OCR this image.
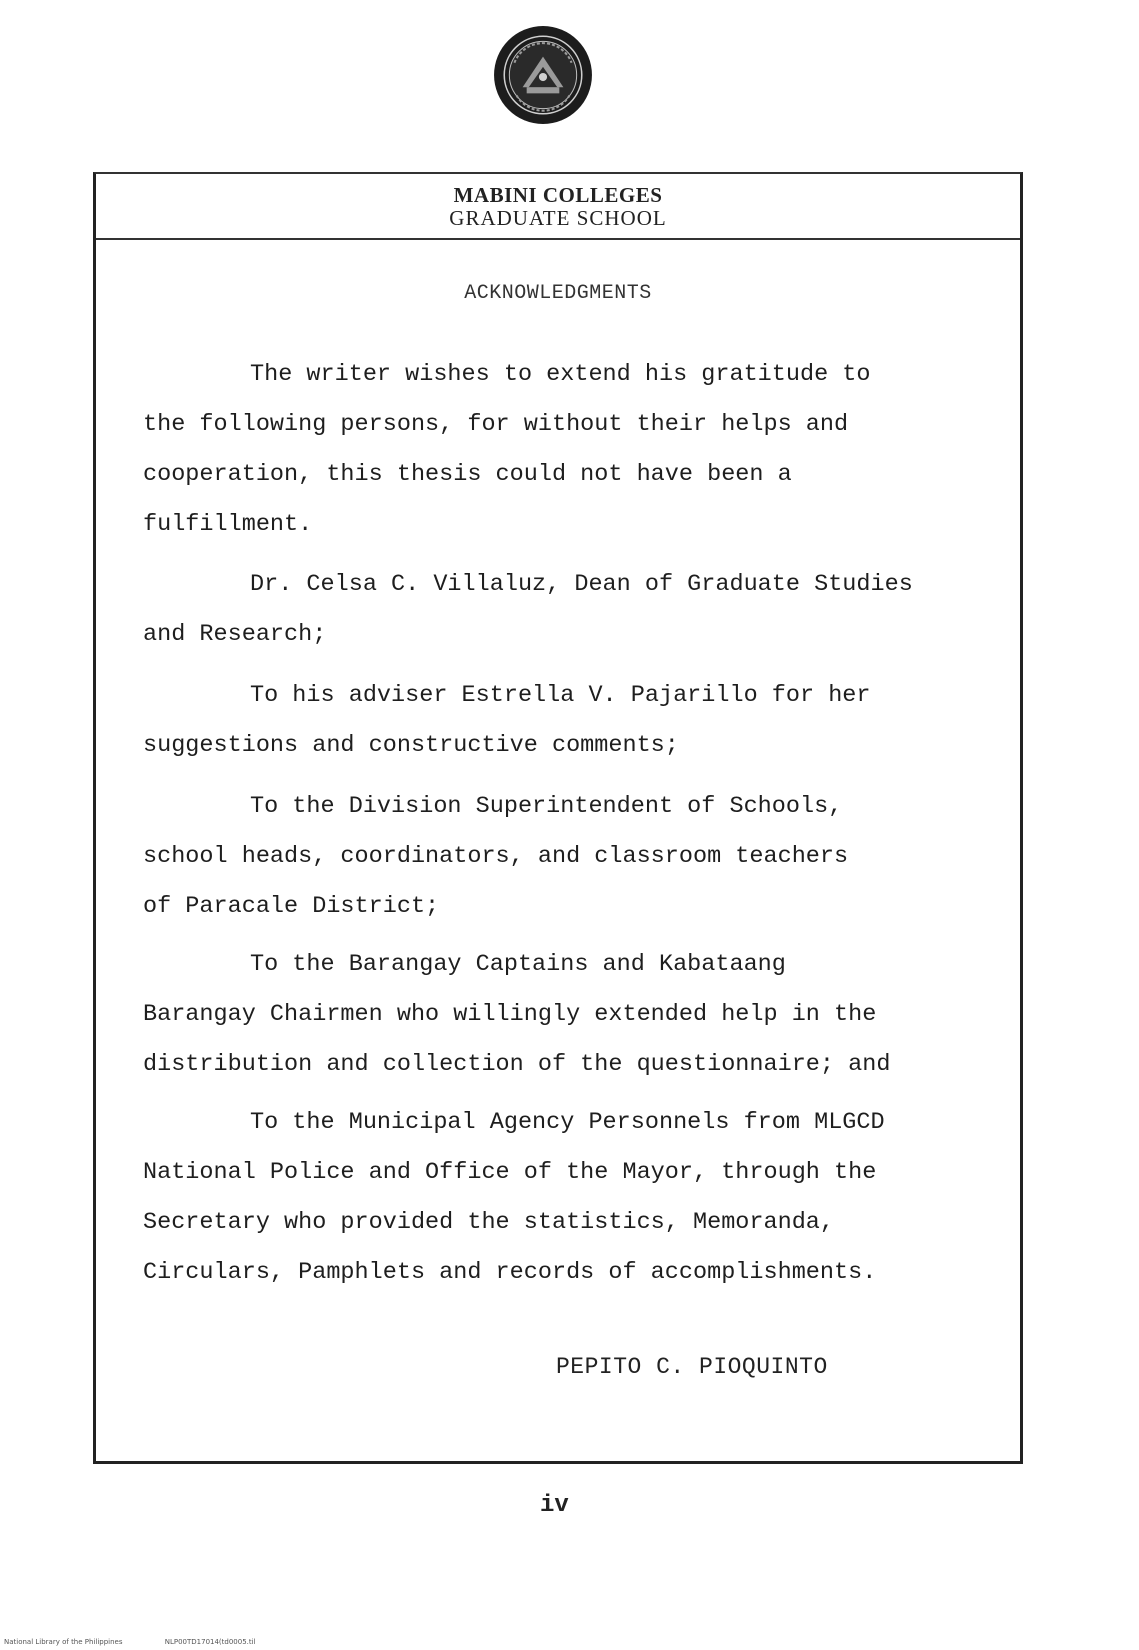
MABINI COLLEGES
GRADUATE SCHOOL
ACKNOWLEDGMENTS
The writer wishes to extend his gratitude to
the following persons, for without their helps and
cooperation, this thesis could not have been a
fulfillment.
Dr. Celsa C. Villaluz, Dean of Graduate Studies
and Research;
To his adviser Estrella V. Pajarillo for her
suggestions and constructive comments;
To the Division Superintendent of Schools,
school heads, coordinators, and classroom teachers
of Paracale District;
To the Barangay Captains and Kabataang
Barangay Chairmen who willingly extended help in the
distribution and collection of the questionnaire; and
To the Municipal Agency Personnels from MLGCD
National Police and Office of the Mayor, through the
Secretary who provided the statistics, Memoranda,
Circulars, Pamphlets and records of accomplishments.
PEPITO C. PIOQUINTO
iv
National Library of the Philippines	NLP00TD17014(td0005.til
